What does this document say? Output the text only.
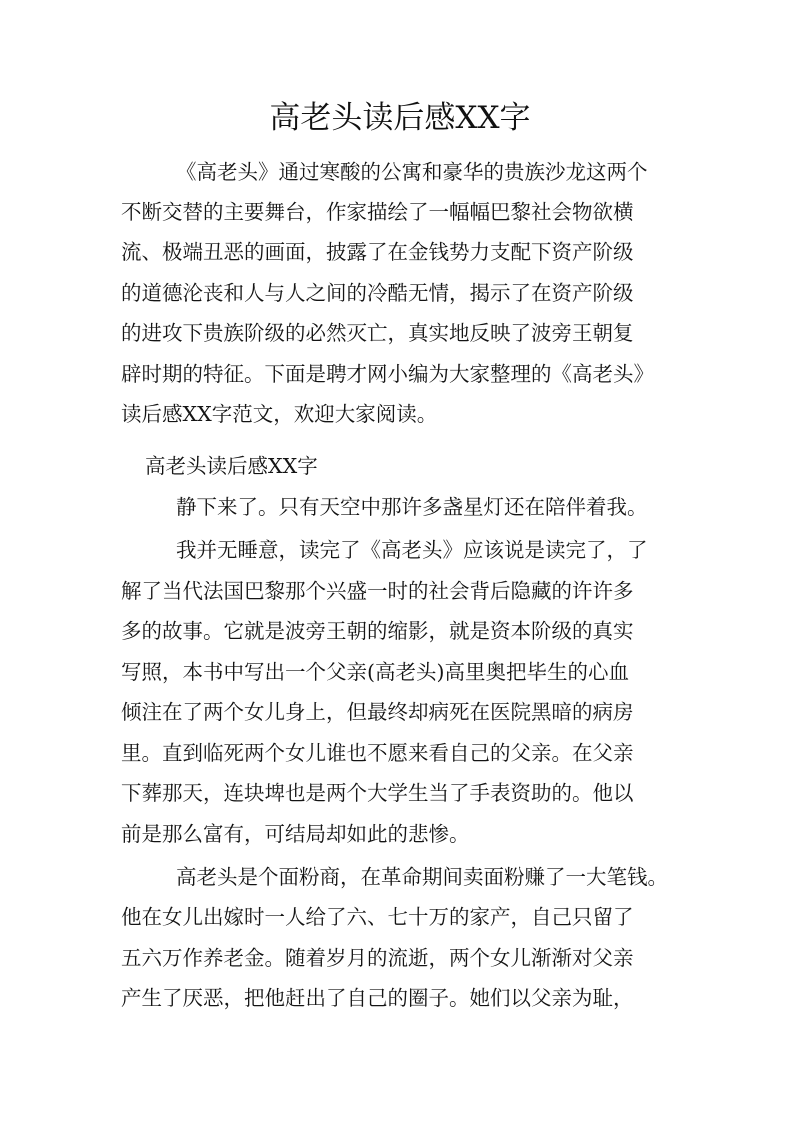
高老头读后感XX字
《高老头》通过寒酸的公寓和豪华的贵族沙龙这两个
不断交替的主要舞台，作家描绘了一幅幅巴黎社会物欲横
流、极端丑恶的画面，披露了在金钱势力支配下资产阶级
的道德沦丧和人与人之间的冷酷无情，揭示了在资产阶级
的进攻下贵族阶级的必然灭亡，真实地反映了波旁王朝复
辟时期的特征。下面是聘才网小编为大家整理的《高老头》
读后感XX字范文，欢迎大家阅读。
高老头读后感XX字
静下来了。只有天空中那许多盏星灯还在陪伴着我。
我并无睡意，读完了《高老头》应该说是读完了，了
解了当代法国巴黎那个兴盛一时的社会背后隐藏的许许多
多的故事。它就是波旁王朝的缩影，就是资本阶级的真实
写照，本书中写出一个父亲(高老头)高里奥把毕生的心血
倾注在了两个女儿身上，但最终却病死在医院黑暗的病房
里。直到临死两个女儿谁也不愿来看自己的父亲。在父亲
下葬那天，连块埤也是两个大学生当了手表资助的。他以
前是那么富有，可结局却如此的悲惨。
高老头是个面粉商，在革命期间卖面粉赚了一大笔钱。
他在女儿出嫁时一人给了六、七十万的家产，自己只留了
五六万作养老金。随着岁月的流逝，两个女儿渐渐对父亲
产生了厌恶，把他赶出了自己的圈子。她们以父亲为耻，
